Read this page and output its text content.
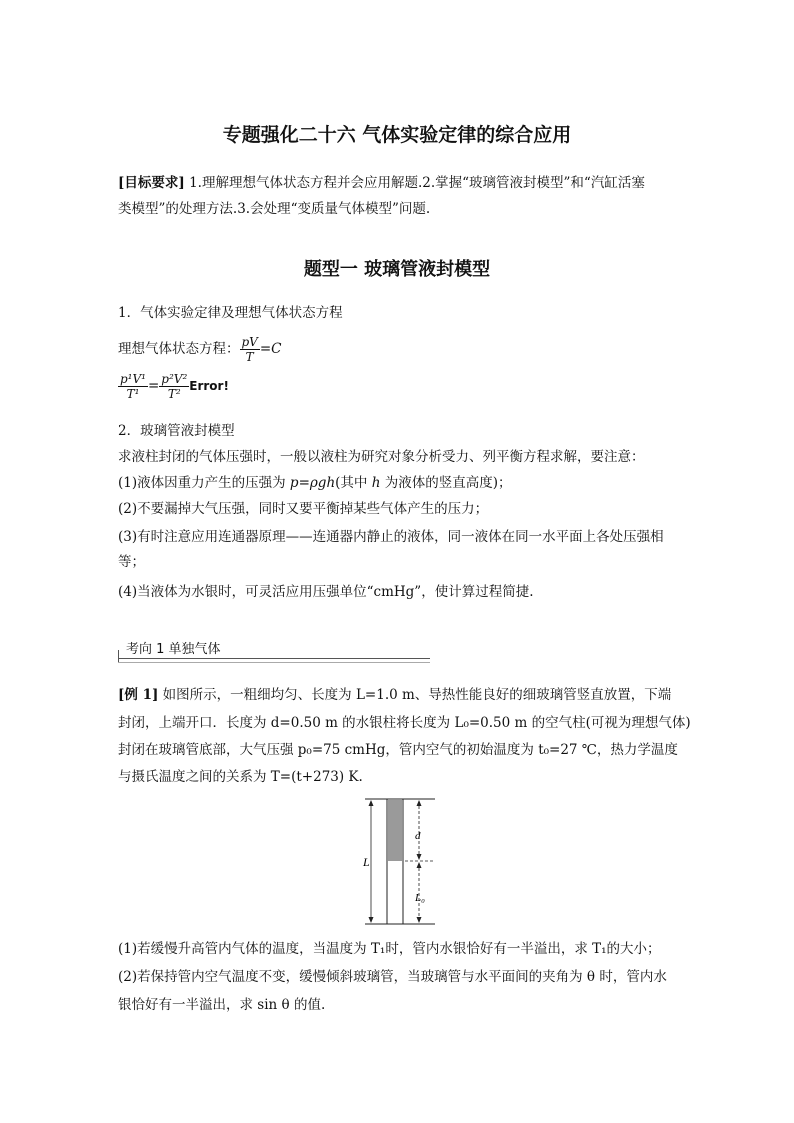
专题强化二十六 气体实验定律的综合应用
[目标要求] 1.理解理想气体状态方程并会应用解题.2.掌握“玻璃管液封模型”和“汽缸活塞
类模型”的处理方法.3.会处理“变质量气体模型”问题.
题型一 玻璃管液封模型
1．气体实验定律及理想气体状态方程
理想气体状态方程： $\frac{pV}{T} =C$
$\frac{\text{p¹V¹}}{\text{T¹}} = \frac{\text{p²V²}}{\text{T²}}$ Error!
2．玻璃管液封模型
求液柱封闭的气体压强时，一般以液柱为研究对象分析受力、列平衡方程求解，要注意：
(1)液体因重力产生的压强为 p=ρgh(其中 h 为液体的竖直高度)；
(2)不要漏掉大气压强，同时又要平衡掉某些气体产生的压力；
(3)有时注意应用连通器原理——连通器内静止的液体，同一液体在同一水平面上各处压强相
等；
(4)当液体为水银时，可灵活应用压强单位“cmHg”，使计算过程简捷.
考向 1 单独气体
[例 1] 如图所示，一粗细均匀、长度为 L=1.0 m、导热性能良好的细玻璃管竖直放置，下端
封闭，上端开口．长度为 d=0.50 m 的水银柱将长度为 L₀=0.50 m 的空气柱(可视为理想气体)
封闭在玻璃管底部，大气压强 p₀=75 cmHg，管内空气的初始温度为 t₀=27 ℃，热力学温度
与摄氏温度之间的关系为 T=(t+273) K.
L
d
L₀
(1)若缓慢升高管内气体的温度，当温度为 T₁时，管内水银恰好有一半溢出，求 T₁的大小；
(2)若保持管内空气温度不变，缓慢倾斜玻璃管，当玻璃管与水平面间的夹角为 θ 时，管内水
银恰好有一半溢出，求 sin θ 的值.
